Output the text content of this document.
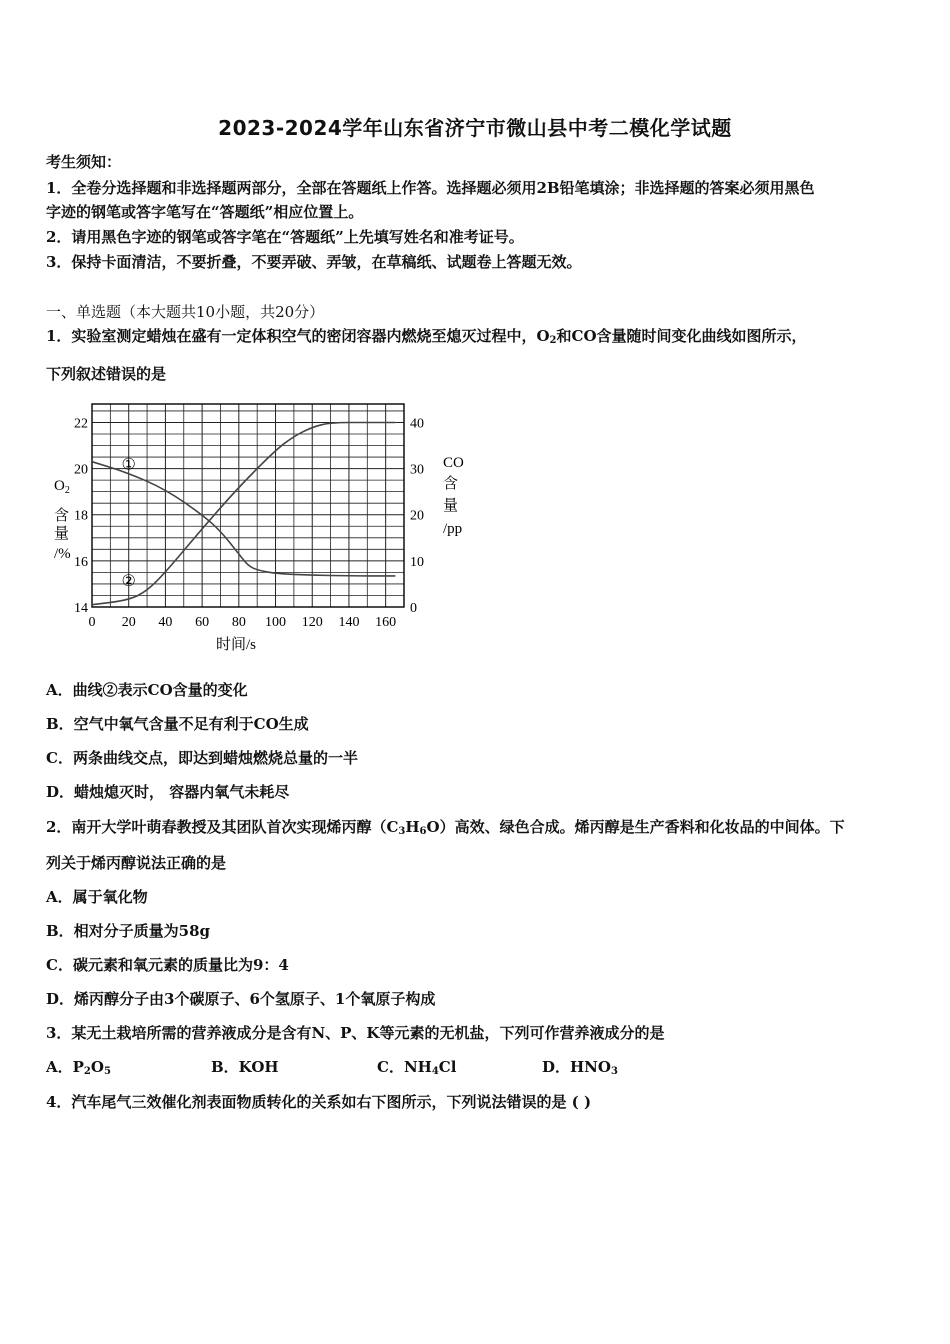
2023-2024学年山东省济宁市微山县中考二模化学试题
考生须知：
1．全卷分选择题和非选择题两部分，全部在答题纸上作答。选择题必须用2B铅笔填涂；非选择题的答案必须用黑色
字迹的钢笔或答字笔写在“答题纸”相应位置上。
2．请用黑色字迹的钢笔或答字笔在“答题纸”上先填写姓名和准考证号。
3．保持卡面清洁，不要折叠，不要弄破、弄皱，在草稿纸、试题卷上答题无效。
一、单选题（本大题共10小题，共20分）
1．实验室测定蜡烛在盛有一定体积空气的密闭容器内燃烧至熄灭过程中，$O_2$和CO含量随时间变化曲线如图所示，
下列叙述错误的是
0 20 40 60 80 100 120 140 160
14
16
18
20
22
0
10
20
30
40
时间/s
$O_2$
含
量
/%
CO
含
量
/pp
①
②
A．曲线②表示CO含量的变化
B．空气中氧气含量不足有利于CO生成
C．两条曲线交点，即达到蜡烛燃烧总量的一半
D．蜡烛熄灭时， 容器内氧气未耗尽
2．南开大学叶萌春教授及其团队首次实现烯丙醇$(C_3H_6O)$高效、绿色合成。烯丙醇是生产香料和化妆品的中间体。下
列关于烯丙醇说法正确的是
A．属于氧化物
B．相对分子质量为58g
C．碳元素和氧元素的质量比为9：4
D．烯丙醇分子由3个碳原子、6个氢原子、1个氧原子构成
3．某无土栽培所需的营养液成分是含有N、P、K等元素的无机盐，下列可作营养液成分的是
A．$P_2O_5$	B．KOH	C．$NH_4Cl$	D．$HNO_3$
4．汽车尾气三效催化剂表面物质转化的关系如右下图所示，下列说法错误的是 ( )
